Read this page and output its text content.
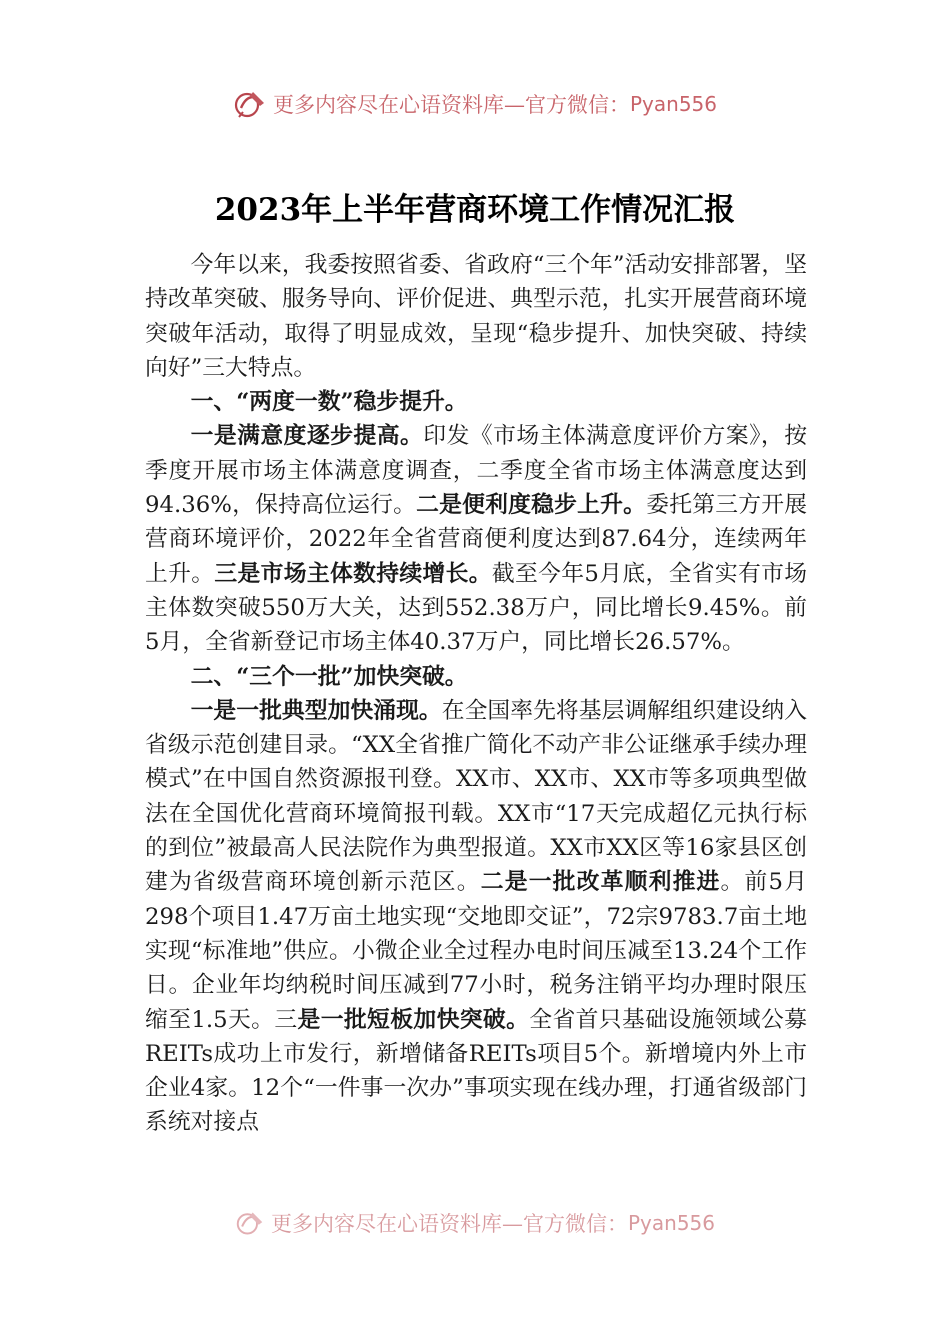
更多内容尽在心语资料库—官方微信： Pyan556
2023年上半年营商环境工作情况汇报

今年以来，我委按照省委、省政府“三个年”活动安排部署，坚持改革突破、服务导向、评价促进、典型示范，扎实开展营商环境突破年活动，取得了明显成效，呈现“稳步提升、加快突破、持续向好”三大特点。

一、“两度一数”稳步提升。

一是满意度逐步提高。印发《市场主体满意度评价方案》，按季度开展市场主体满意度调查，二季度全省市场主体满意度达到94.36%，保持高位运行。二是便利度稳步上升。委托第三方开展营商环境评价，2022年全省营商便利度达到87.64分，连续两年上升。三是市场主体数持续增长。截至今年5月底，全省实有市场主体数突破550万大关，达到552.38万户，同比增长9.45%。前5月，全省新登记市场主体40.37万户，同比增长26.57%。

二、“三个一批”加快突破。

一是一批典型加快涌现。在全国率先将基层调解组织建设纳入省级示范创建目录。“XX全省推广简化不动产非公证继承手续办理模式”在中国自然资源报刊登。XX市、XX市、XX市等多项典型做法在全国优化营商环境简报刊载。XX市“17天完成超亿元执行标的到位”被最高人民法院作为典型报道。XX市XX区等16家县区创建为省级营商环境创新示范区。二是一批改革顺利推进。前5月298个项目1.47万亩土地实现“交地即交证”，72宗9783.7亩土地实现“标准地”供应。小微企业全过程办电时间压减至13.24个工作日。企业年均纳税时间压减到77小时，税务注销平均办理时限压缩至1.5天。三是一批短板加快突破。全省首只基础设施领域公募REITs成功上市发行，新增储备REITs项目5个。新增境内外上市企业4家。12个“一件事一次办”事项实现在线办理，打通省级部门系统对接点

更多内容尽在心语资料库—官方微信： Pyan556
